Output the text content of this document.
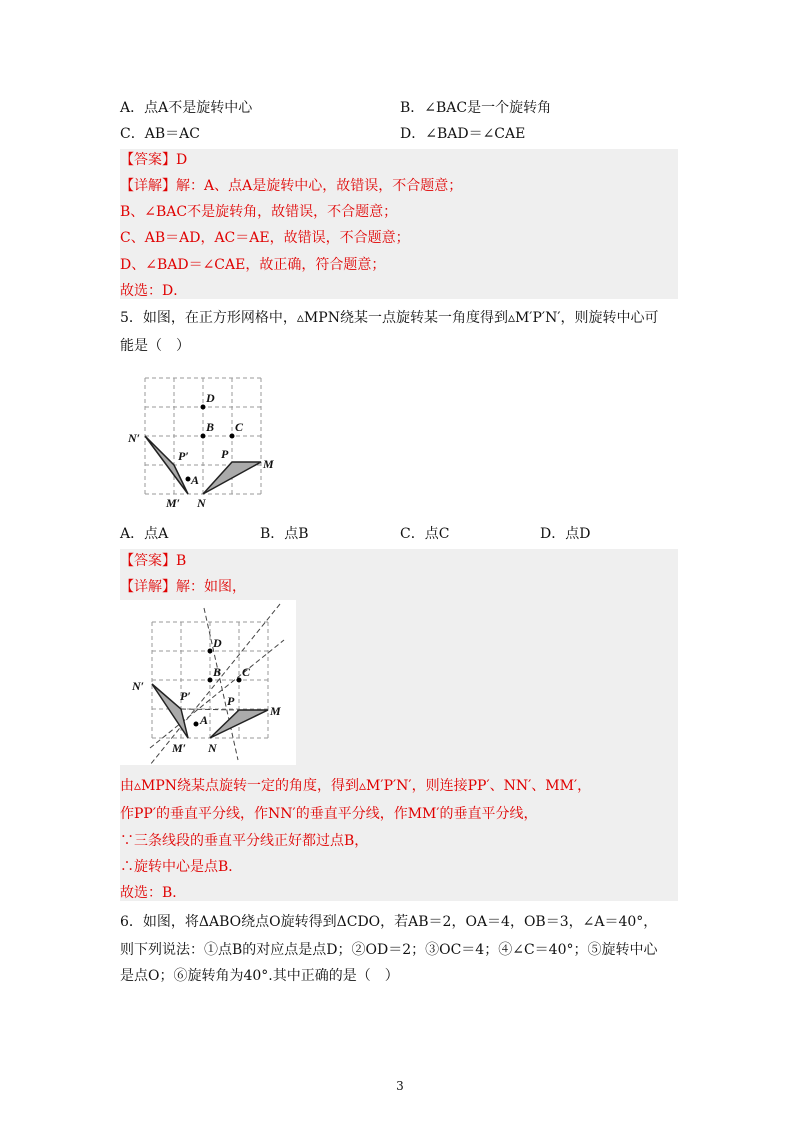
A．点A不是旋转中心	B．∠BAC是一个旋转角
C．AB＝AC	D．∠BAD＝∠CAE
【答案】D
【详解】解：A、点A是旋转中心，故错误，不合题意；
B、∠BAC不是旋转角，故错误，不合题意；
C、AB＝AD，AC＝AE，故错误，不合题意；
D、∠BAD＝∠CAE，故正确，符合题意；
故选：D．
5．如图，在正方形网格中，▵MPN绕某一点旋转某一角度得到▵M′P′N′，则旋转中心可
能是（　）
D
B C
N′
P′	P
M
A
M′ N
A．点A	B．点B	C．点C	D．点D
【答案】B
【详解】解：如图，
D
B C
N′
P′	P
M
A
M′ N
由▵MPN绕某点旋转一定的角度，得到▵M′P′N′，则连接PP′、NN′、MM′，
作PP′的垂直平分线，作NN′的垂直平分线，作MM′的垂直平分线，
∵三条线段的垂直平分线正好都过点B，
∴旋转中心是点B．
故选：B．
6．如图，将ΔABO绕点O旋转得到ΔCDO，若AB＝2，OA＝4，OB＝3，∠A＝40°，
则下列说法：①点B的对应点是点D；②OD＝2；③OC＝4；④∠C＝40°；⑤旋转中心
是点O；⑥旋转角为40°.其中正确的是（　）
3
